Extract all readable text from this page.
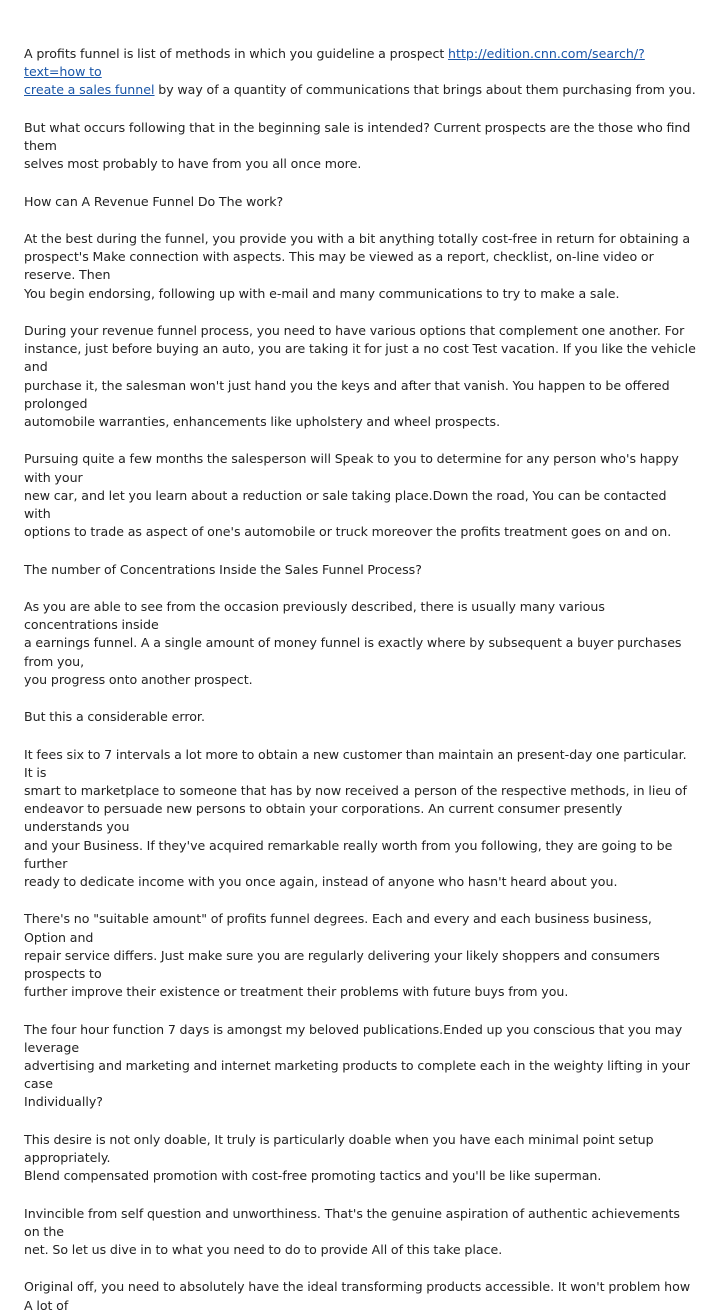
A profits funnel is list of methods in which you guideline a prospect http://edition.cnn.com/search/?text=how to
create a sales funnel by way of a quantity of communications that brings about them purchasing from you.

But what occurs following that in the beginning sale is intended? Current prospects are the those who find them
selves most probably to have from you all once more.

How can A Revenue Funnel Do The work?

At the best during the funnel, you provide you with a bit anything totally cost-free in return for obtaining a
prospect's Make connection with aspects. This may be viewed as a report, checklist, on-line video or reserve. Then
You begin endorsing, following up with e-mail and many communications to try to make a sale.

During your revenue funnel process, you need to have various options that complement one another. For
instance, just before buying an auto, you are taking it for just a no cost Test vacation. If you like the vehicle and
purchase it, the salesman won't just hand you the keys and after that vanish. You happen to be offered prolonged
automobile warranties, enhancements like upholstery and wheel prospects.

Pursuing quite a few months the salesperson will Speak to you to determine for any person who's happy with your
new car, and let you learn about a reduction or sale taking place.Down the road, You can be contacted with
options to trade as aspect of one's automobile or truck moreover the profits treatment goes on and on.

The number of Concentrations Inside the Sales Funnel Process?

As you are able to see from the occasion previously described, there is usually many various concentrations inside
a earnings funnel. A a single amount of money funnel is exactly where by subsequent a buyer purchases from you,
you progress onto another prospect.

But this a considerable error.

It fees six to 7 intervals a lot more to obtain a new customer than maintain an present-day one particular. It is
smart to marketplace to someone that has by now received a person of the respective methods, in lieu of
endeavor to persuade new persons to obtain your corporations. An current consumer presently understands you
and your Business. If they've acquired remarkable really worth from you following, they are going to be further
ready to dedicate income with you once again, instead of anyone who hasn't heard about you.

There's no "suitable amount" of profits funnel degrees. Each and every and each business business, Option and
repair service differs. Just make sure you are regularly delivering your likely shoppers and consumers prospects to
further improve their existence or treatment their problems with future buys from you.

The four hour function 7 days is amongst my beloved publications.Ended up you conscious that you may leverage
advertising and marketing and internet marketing products to complete each in the weighty lifting in your case
Individually?

This desire is not only doable, It truly is particularly doable when you have each minimal point setup appropriately.
Blend compensated promotion with cost-free promoting tactics and you'll be like superman.

Invincible from self question and unworthiness. That's the genuine aspiration of authentic achievements on the
net. So let us dive in to what you need to do to provide All of this take place.

Original off, you need to absolutely have the ideal transforming products accessible. It won't problem how A lot of
